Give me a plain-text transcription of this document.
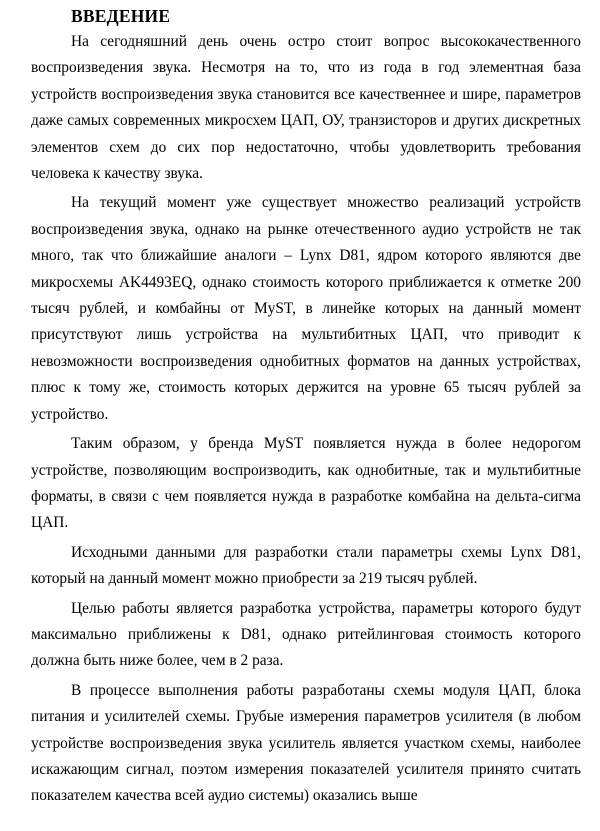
ВВЕДЕНИЕ

На сегодняшний день очень остро стоит вопрос высококачественного воспроизведения звука. Несмотря на то, что из года в год элементная база устройств воспроизведения звука становится все качественнее и шире, параметров даже самых современных микросхем ЦАП, ОУ, транзисторов и других дискретных элементов схем до сих пор недостаточно, чтобы удовлетворить требования человека к качеству звука.

На текущий момент уже существует множество реализаций устройств воспроизведения звука, однако на рынке отечественного аудио устройств не так много, так что ближайшие аналоги – Lynx D81, ядром которого являются две микросхемы AK4493EQ, однако стоимость которого приближается к отметке 200 тысяч рублей, и комбайны от MyST, в линейке которых на данный момент присутствуют лишь устройства на мультибитных ЦАП, что приводит к невозможности воспроизведения однобитных форматов на данных устройствах, плюс к тому же, стоимость которых держится на уровне 65 тысяч рублей за устройство.

Таким образом, у бренда MyST появляется нужда в более недорогом устройстве, позволяющим воспроизводить, как однобитные, так и мультибитные форматы, в связи с чем появляется нужда в разработке комбайна на дельта-сигма ЦАП.

Исходными данными для разработки стали параметры схемы Lynx D81, который на данный момент можно приобрести за 219 тысяч рублей.

Целью работы является разработка устройства, параметры которого будут максимально приближены к D81, однако ритейлинговая стоимость которого должна быть ниже более, чем в 2 раза.

В процессе выполнения работы разработаны схемы модуля ЦАП, блока питания и усилителей схемы. Грубые измерения параметров усилителя (в любом устройстве воспроизведения звука усилитель является участком схемы, наиболее искажающим сигнал, поэтом измерения показателей усилителя принято считать показателем качества всей аудио системы) оказались выше
